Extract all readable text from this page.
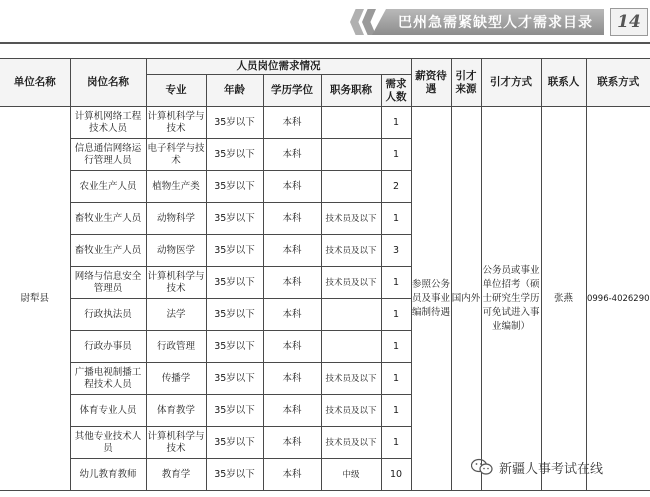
巴州急需紧缺型人才需求目录	14
单位名称	岗位名称	人员岗位需求情况					薪资待遇	引才来源	引才方式	联系人	联系方式
		专业	年龄	学历学位	职务职称	需求人数					
尉犁县	计算机网络工程技术人员	计算机科学与技术	35岁以下	本科		1	参照公务员及事业编制待遇	国内外	公务员或事业单位招考（硕士研究生学历可免试进入事业编制）	张燕	0996-4026290
	信息通信网络运行管理人员	电子科学与技术	35岁以下	本科		1					
	农业生产人员	植物生产类	35岁以下	本科		2					
	畜牧业生产人员	动物科学	35岁以下	本科	技术员及以下	1					
	畜牧业生产人员	动物医学	35岁以下	本科	技术员及以下	3					
	网络与信息安全管理员	计算机科学与技术	35岁以下	本科	技术员及以下	1					
	行政执法员	法学	35岁以下	本科		1					
	行政办事员	行政管理	35岁以下	本科		1					
	广播电视制播工程技术人员	传播学	35岁以下	本科	技术员及以下	1					
	体育专业人员	体育教学	35岁以下	本科	技术员及以下	1					
	其他专业技术人员	计算机科学与技术	35岁以下	本科	技术员及以下	1					
	幼儿教育教师	教育学	35岁以下	本科	中级	10						新疆人事考试在线
